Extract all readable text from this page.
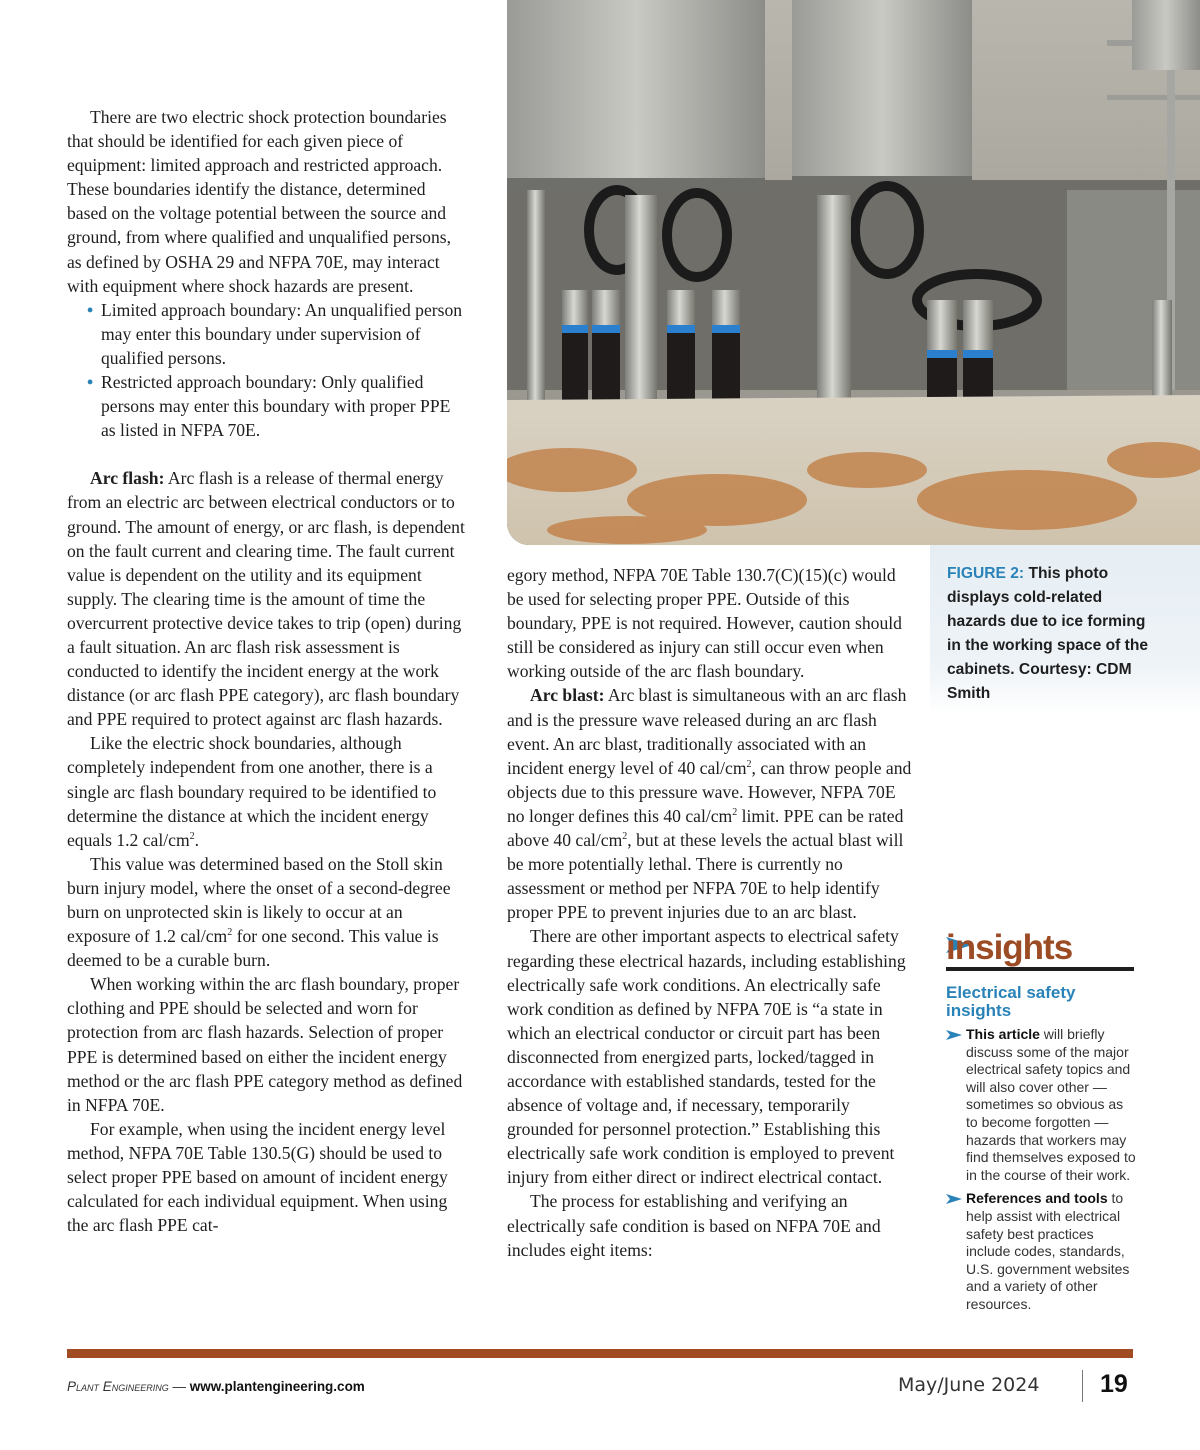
There are two electric shock protection boundaries that should be identified for each given piece of equipment: limited approach and restricted approach. These boundaries identify the distance, determined based on the voltage potential between the source and ground, from where qualified and unqualified persons, as defined by OSHA 29 and NFPA 70E, may interact with equipment where shock hazards are present.

• Limited approach boundary: An unqualified person may enter this boundary under supervision of qualified persons.

• Restricted approach boundary: Only qualified persons may enter this boundary with proper PPE as listed in NFPA 70E.

Arc flash: Arc flash is a release of thermal energy from an electric arc between electrical conductors or to ground. The amount of energy, or arc flash, is dependent on the fault current and clearing time. The fault current value is dependent on the utility and its equipment supply. The clearing time is the amount of time the overcurrent protective device takes to trip (open) during a fault situation. An arc flash risk assessment is conducted to identify the incident energy at the work distance (or arc flash PPE category), arc flash boundary and PPE required to protect against arc flash hazards.

Like the electric shock boundaries, although completely independent from one another, there is a single arc flash boundary required to be identified to determine the distance at which the incident energy equals 1.2 cal/$cm^2$.

This value was determined based on the Stoll skin burn injury model, where the onset of a second-degree burn on unprotected skin is likely to occur at an exposure of 1.2 cal/$cm^2$ for one second. This value is deemed to be a curable burn.

When working within the arc flash boundary, proper clothing and PPE should be selected and worn for protection from arc flash hazards. Selection of proper PPE is determined based on either the incident energy method or the arc flash PPE category method as defined in NFPA 70E.

For example, when using the incident energy level method, NFPA 70E Table 130.5(G) should be used to select proper PPE based on amount of incident energy calculated for each individual equipment. When using the arc flash PPE cat-

FIGURE 2: This photo displays cold-related hazards due to ice forming in the working space of the cabinets. Courtesy: CDM Smith

egory method, NFPA 70E Table 130.7(C)(15)(c) would be used for selecting proper PPE. Outside of this boundary, PPE is not required. However, caution should still be considered as injury can still occur even when working outside of the arc flash boundary.

Arc blast: Arc blast is simultaneous with an arc flash and is the pressure wave released during an arc flash event. An arc blast, traditionally associated with an incident energy level of 40 cal/$cm^2$, can throw people and objects due to this pressure wave. However, NFPA 70E no longer defines this 40 cal/$cm^2$ limit. PPE can be rated above 40 cal/$cm^2$, but at these levels the actual blast will be more potentially lethal. There is currently no assessment or method per NFPA 70E to help identify proper PPE to prevent injuries due to an arc blast.

There are other important aspects to electrical safety regarding these electrical hazards, including establishing electrically safe work conditions. An electrically safe work condition as defined by NFPA 70E is “a state in which an electrical conductor or circuit part has been disconnected from energized parts, locked/tagged in accordance with established standards, tested for the absence of voltage and, if necessary, temporarily grounded for personnel protection.” Establishing this electrically safe work condition is employed to prevent injury from either direct or indirect electrical contact.

The process for establishing and verifying an electrically safe condition is based on NFPA 70E and includes eight items:

insights
Electrical safety insights
This article will briefly discuss some of the major electrical safety topics and will also cover other — sometimes so obvious as to become forgotten — hazards that workers may find themselves exposed to in the course of their work.
References and tools to help assist with electrical safety best practices include codes, standards, U.S. government websites and a variety of other resources.
Plant Engineering — www.plantengineering.com	May/June 2024 19
